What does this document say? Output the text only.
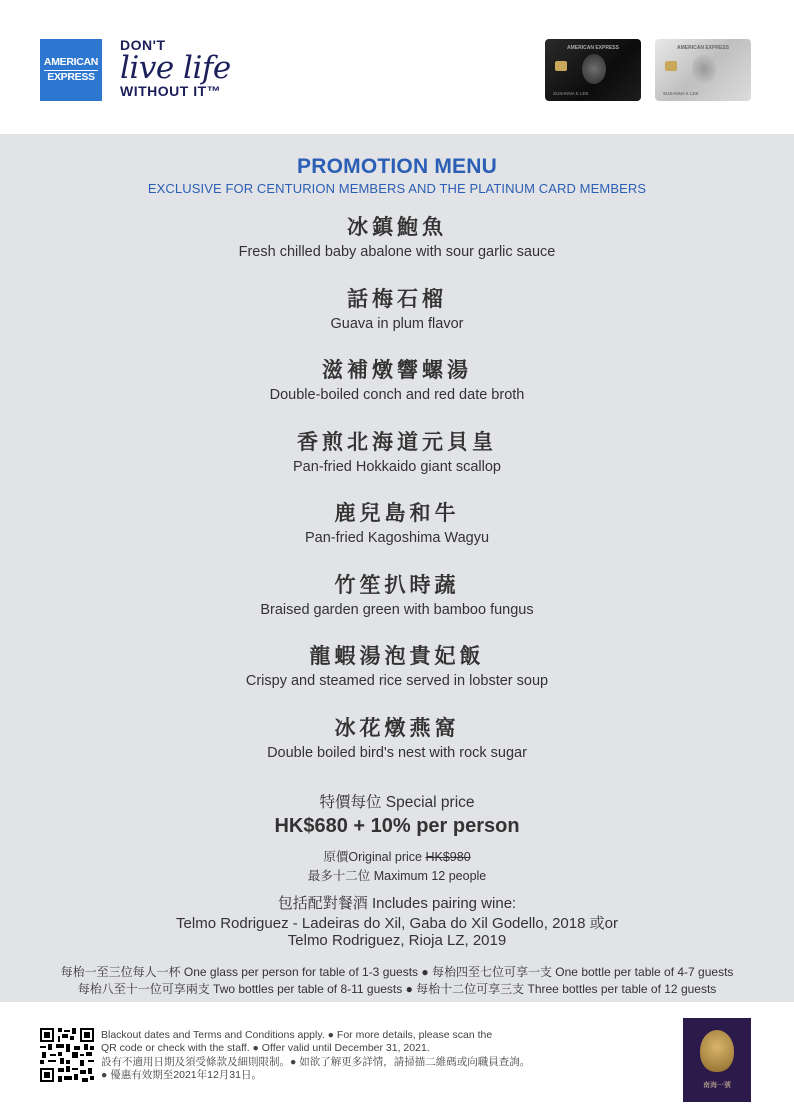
AMERICAN
EXPRESS
DON'T
live life
WITHOUT IT™
AMERICAN EXPRESS
SUSANNA K LEE
AMERICAN EXPRESS
SUSANNA K LEE
PROMOTION MENU
EXCLUSIVE FOR CENTURION MEMBERS AND THE PLATINUM CARD MEMBERS
冰鎮鮑魚
Fresh chilled baby abalone with sour garlic sauce
話梅石榴
Guava in plum flavor
滋補燉響螺湯
Double-boiled conch and red date broth
香煎北海道元貝皇
Pan-fried Hokkaido giant scallop
鹿兒島和牛
Pan-fried Kagoshima Wagyu
竹笙扒時蔬
Braised garden green with bamboo fungus
龍蝦湯泡貴妃飯
Crispy and steamed rice served in lobster soup
冰花燉燕窩
Double boiled bird's nest with rock sugar
特價每位 Special price
HK$680 + 10% per person
原價Original price HK$980
最多十二位 Maximum 12 people
包括配對餐酒 Includes pairing wine:
Telmo Rodriguez - Ladeiras do Xil, Gaba do Xil Godello, 2018 或or
Telmo Rodriguez, Rioja LZ, 2019
每枱一至三位每人一杯 One glass per person for table of 1-3 guests ● 每枱四至七位可享一支 One bottle per table of 4-7 guests
每枱八至十一位可享兩支 Two bottles per table of 8-11 guests ● 每枱十二位可享三支 Three bottles per table of 12 guests
Blackout dates and Terms and Conditions apply. ● For more details, please scan the
QR code or check with the staff. ● Offer valid until December 31, 2021.
設有不適用日期及須受條款及細則限制。● 如欲了解更多詳情，請掃描二維碼或向職員查詢。
● 優惠有效期至2021年12月31日。
南海一號
